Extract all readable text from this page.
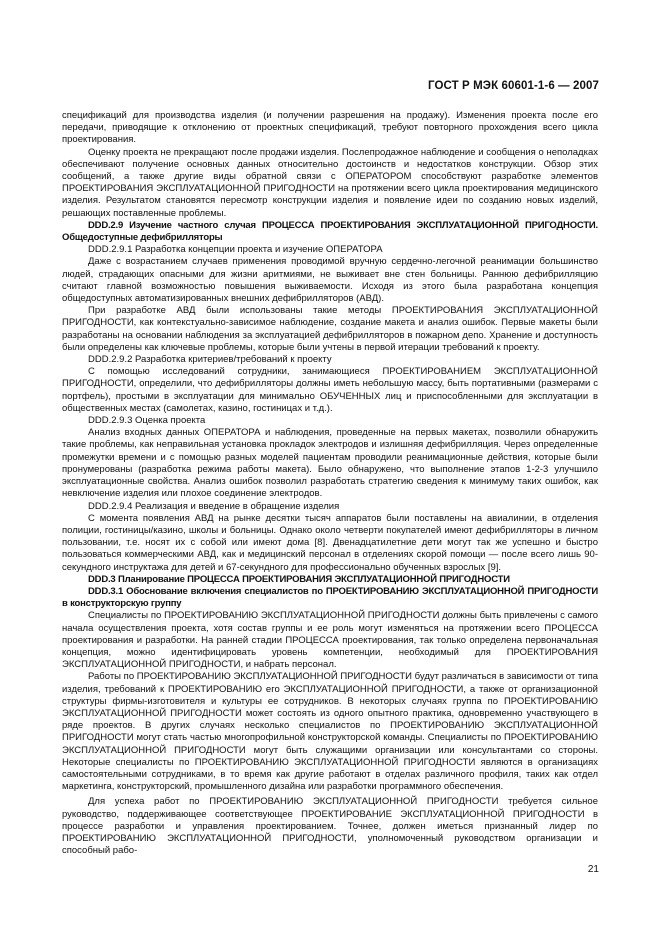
ГОСТ Р МЭК 60601-1-6 — 2007

спецификаций для производства изделия (и получении разрешения на продажу). Изменения проекта после его передачи, приводящие к отклонению от проектных спецификаций, требуют повторного прохождения всего цикла проектирования.

Оценку проекта не прекращают после продажи изделия. Послепродажное наблюдение и сообщения о неполадках обеспечивают получение основных данных относительно достоинств и недостатков конструкции. Обзор этих сообщений, а также другие виды обратной связи с ОПЕРАТОРОМ способствуют разработке элементов ПРОЕКТИРОВАНИЯ ЭКСПЛУАТАЦИОННОЙ ПРИГОДНОСТИ на протяжении всего цикла проектирования медицинского изделия. Результатом становятся пересмотр конструкции изделия и появление идеи по созданию новых изделий, решающих поставленные проблемы.

DDD.2.9 Изучение частного случая ПРОЦЕССА ПРОЕКТИРОВАНИЯ ЭКСПЛУАТАЦИОННОЙ ПРИГОДНОСТИ. Общедоступные дефибрилляторы

DDD.2.9.1 Разработка концепции проекта и изучение ОПЕРАТОРА

Даже с возрастанием случаев применения проводимой вручную сердечно-легочной реанимации большинство людей, страдающих опасными для жизни аритмиями, не выживает вне стен больницы. Раннюю дефибрилляцию считают главной возможностью повышения выживаемости. Исходя из этого была разработана концепция общедоступных автоматизированных внешних дефибрилляторов (АВД).

При разработке АВД были использованы такие методы ПРОЕКТИРОВАНИЯ ЭКСПЛУАТАЦИОННОЙ ПРИГОДНОСТИ, как контекстуально-зависимое наблюдение, создание макета и анализ ошибок. Первые макеты были разработаны на основании наблюдения за эксплуатацией дефибрилляторов в пожарном депо. Хранение и доступность были определены как ключевые проблемы, которые были учтены в первой итерации требований к проекту.

DDD.2.9.2 Разработка критериев/требований к проекту

С помощью исследований сотрудники, занимающиеся ПРОЕКТИРОВАНИЕМ ЭКСПЛУАТАЦИОННОЙ ПРИГОДНОСТИ, определили, что дефибрилляторы должны иметь небольшую массу, быть портативными (размерами с портфель), простыми в эксплуатации для минимально ОБУЧЕННЫХ лиц и приспособленными для эксплуатации в общественных местах (самолетах, казино, гостиницах и т.д.).

DDD.2.9.3 Оценка проекта

Анализ входных данных ОПЕРАТОРА и наблюдения, проведенные на первых макетах, позволили обнаружить такие проблемы, как неправильная установка прокладок электродов и излишняя дефибрилляция. Через определенные промежутки времени и с помощью разных моделей пациентам проводили реанимационные действия, которые были пронумерованы (разработка режима работы макета). Было обнаружено, что выполнение этапов 1-2-3 улучшило эксплуатационные свойства. Анализ ошибок позволил разработать стратегию сведения к минимуму таких ошибок, как невключение изделия или плохое соединение электродов.

DDD.2.9.4 Реализация и введение в обращение изделия

С момента появления АВД на рынке десятки тысяч аппаратов были поставлены на авиалинии, в отделения полиции, гостиницы/казино, школы и больницы. Однако около четверти покупателей имеют дефибрилляторы в личном пользовании, т.е. носят их с собой или имеют дома [8]. Двенадцатилетние дети могут так же успешно и быстро пользоваться коммерческими АВД, как и медицинский персонал в отделениях скорой помощи — после всего лишь 90-секундного инструктажа для детей и 67-секундного для профессионально обученных взрослых [9].

DDD.3 Планирование ПРОЦЕССА ПРОЕКТИРОВАНИЯ ЭКСПЛУАТАЦИОННОЙ ПРИГОДНОСТИ

DDD.3.1 Обоснование включения специалистов по ПРОЕКТИРОВАНИЮ ЭКСПЛУАТАЦИОННОЙ ПРИГОДНОСТИ в конструкторскую группу

Специалисты по ПРОЕКТИРОВАНИЮ ЭКСПЛУАТАЦИОННОЙ ПРИГОДНОСТИ должны быть привлечены с самого начала осуществления проекта, хотя состав группы и ее роль могут изменяться на протяжении всего ПРОЦЕССА проектирования и разработки. На ранней стадии ПРОЦЕССА проектирования, так только определена первоначальная концепция, можно идентифицировать уровень компетенции, необходимый для ПРОЕКТИРОВАНИЯ ЭКСПЛУАТАЦИОННОЙ ПРИГОДНОСТИ, и набрать персонал.

Работы по ПРОЕКТИРОВАНИЮ ЭКСПЛУАТАЦИОННОЙ ПРИГОДНОСТИ будут различаться в зависимости от типа изделия, требований к ПРОЕКТИРОВАНИЮ его ЭКСПЛУАТАЦИОННОЙ ПРИГОДНОСТИ, а также от организационной структуры фирмы-изготовителя и культуры ее сотрудников. В некоторых случаях группа по ПРОЕКТИРОВАНИЮ ЭКСПЛУАТАЦИОННОЙ ПРИГОДНОСТИ может состоять из одного опытного практика, одновременно участвующего в ряде проектов. В других случаях несколько специалистов по ПРОЕКТИРОВАНИЮ ЭКСПЛУАТАЦИОННОЙ ПРИГОДНОСТИ могут стать частью многопрофильной конструкторской команды. Специалисты по ПРОЕКТИРОВАНИЮ ЭКСПЛУАТАЦИОННОЙ ПРИГОДНОСТИ могут быть служащими организации или консультантами со стороны. Некоторые специалисты по ПРОЕКТИРОВАНИЮ ЭКСПЛУАТАЦИОННОЙ ПРИГОДНОСТИ являются в организациях самостоятельными сотрудниками, в то время как другие работают в отделах различного профиля, таких как отдел маркетинга, конструкторский, промышленного дизайна или разработки программного обеспечения.

Для успеха работ по ПРОЕКТИРОВАНИЮ ЭКСПЛУАТАЦИОННОЙ ПРИГОДНОСТИ требуется сильное руководство, поддерживающее соответствующее ПРОЕКТИРОВАНИЕ ЭКСПЛУАТАЦИОННОЙ ПРИГОДНОСТИ в процессе разработки и управления проектированием. Точнее, должен иметься признанный лидер по ПРОЕКТИРОВАНИЮ ЭКСПЛУАТАЦИОННОЙ ПРИГОДНОСТИ, уполномоченный руководством организации и способный рабо-

21
